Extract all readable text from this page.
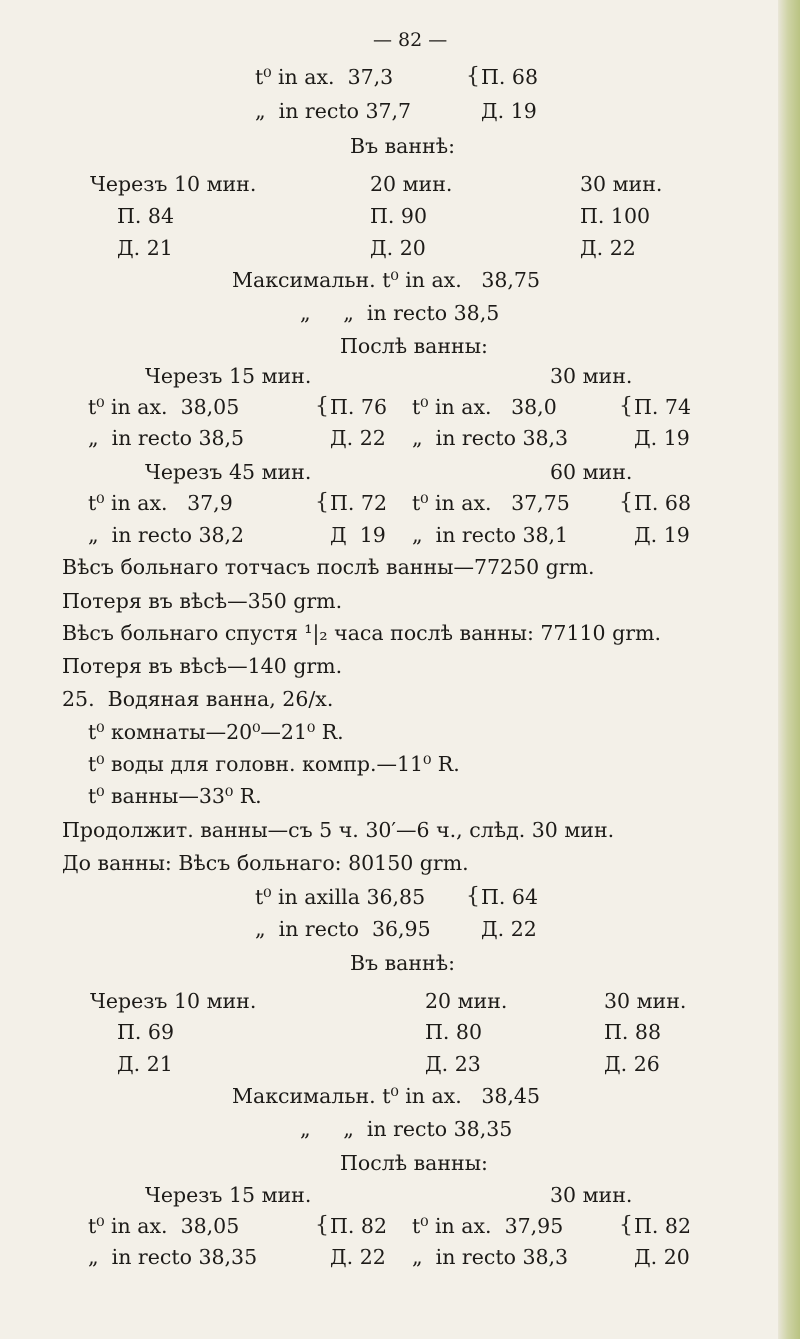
— 82 —
t⁰ in ax.  37,3	{ П. 68
„  in recto 37,7	Д. 19
Въ ваннѣ:
Черезъ 10 мин.	20 мин.	30 мин.
П. 84	П. 90	П. 100
Д. 21	Д. 20	Д. 22
Максимальн. t⁰ in ax.   38,75
„     „  in recto 38,5
Послѣ ванны:
Черезъ 15 мин.	30 мин.
t⁰ in ax.  38,05	{ П. 76 t⁰ in ax.   38,0	{ П. 74
„  in recto 38,5	Д. 22 „  in recto 38,3	Д. 19
Черезъ 45 мин.	60 мин.
t⁰ in ax.   37,9	{ П. 72 t⁰ in ax.   37,75 { П. 68
„  in recto 38,2	Д  19 „  in recto 38,1	Д. 19
Вѣсъ больнаго тотчасъ послѣ ванны—77250 grm.
Потеря въ вѣсѣ—350 grm.
Вѣсъ больнаго спустя ¹|₂ часа послѣ ванны: 77110 grm.
Потеря въ вѣсѣ—140 grm.
25.  Водяная ванна, 26/x.
t⁰ комнаты—20⁰—21⁰ R.
t⁰ воды для головн. компр.—11⁰ R.
t⁰ ванны—33⁰ R.
Продолжит. ванны—съ 5 ч. 30′—6 ч., слѣд. 30 мин.
До ванны: Вѣсъ больнаго: 80150 grm.
t⁰ in axilla 36,85 { П. 64
„  in recto  36,95 Д. 22
Въ ваннѣ:
Черезъ 10 мин.	20 мин.	30 мин.
П. 69	П. 80	П. 88
Д. 21	Д. 23	Д. 26
Максимальн. t⁰ in ax.   38,45
„     „  in recto 38,35
Послѣ ванны:
Черезъ 15 мин.	30 мин.
t⁰ in ax.  38,05	{ П. 82 t⁰ in ax.  37,95	{ П. 82
„  in recto 38,35	Д. 22 „  in recto 38,3	Д. 20
